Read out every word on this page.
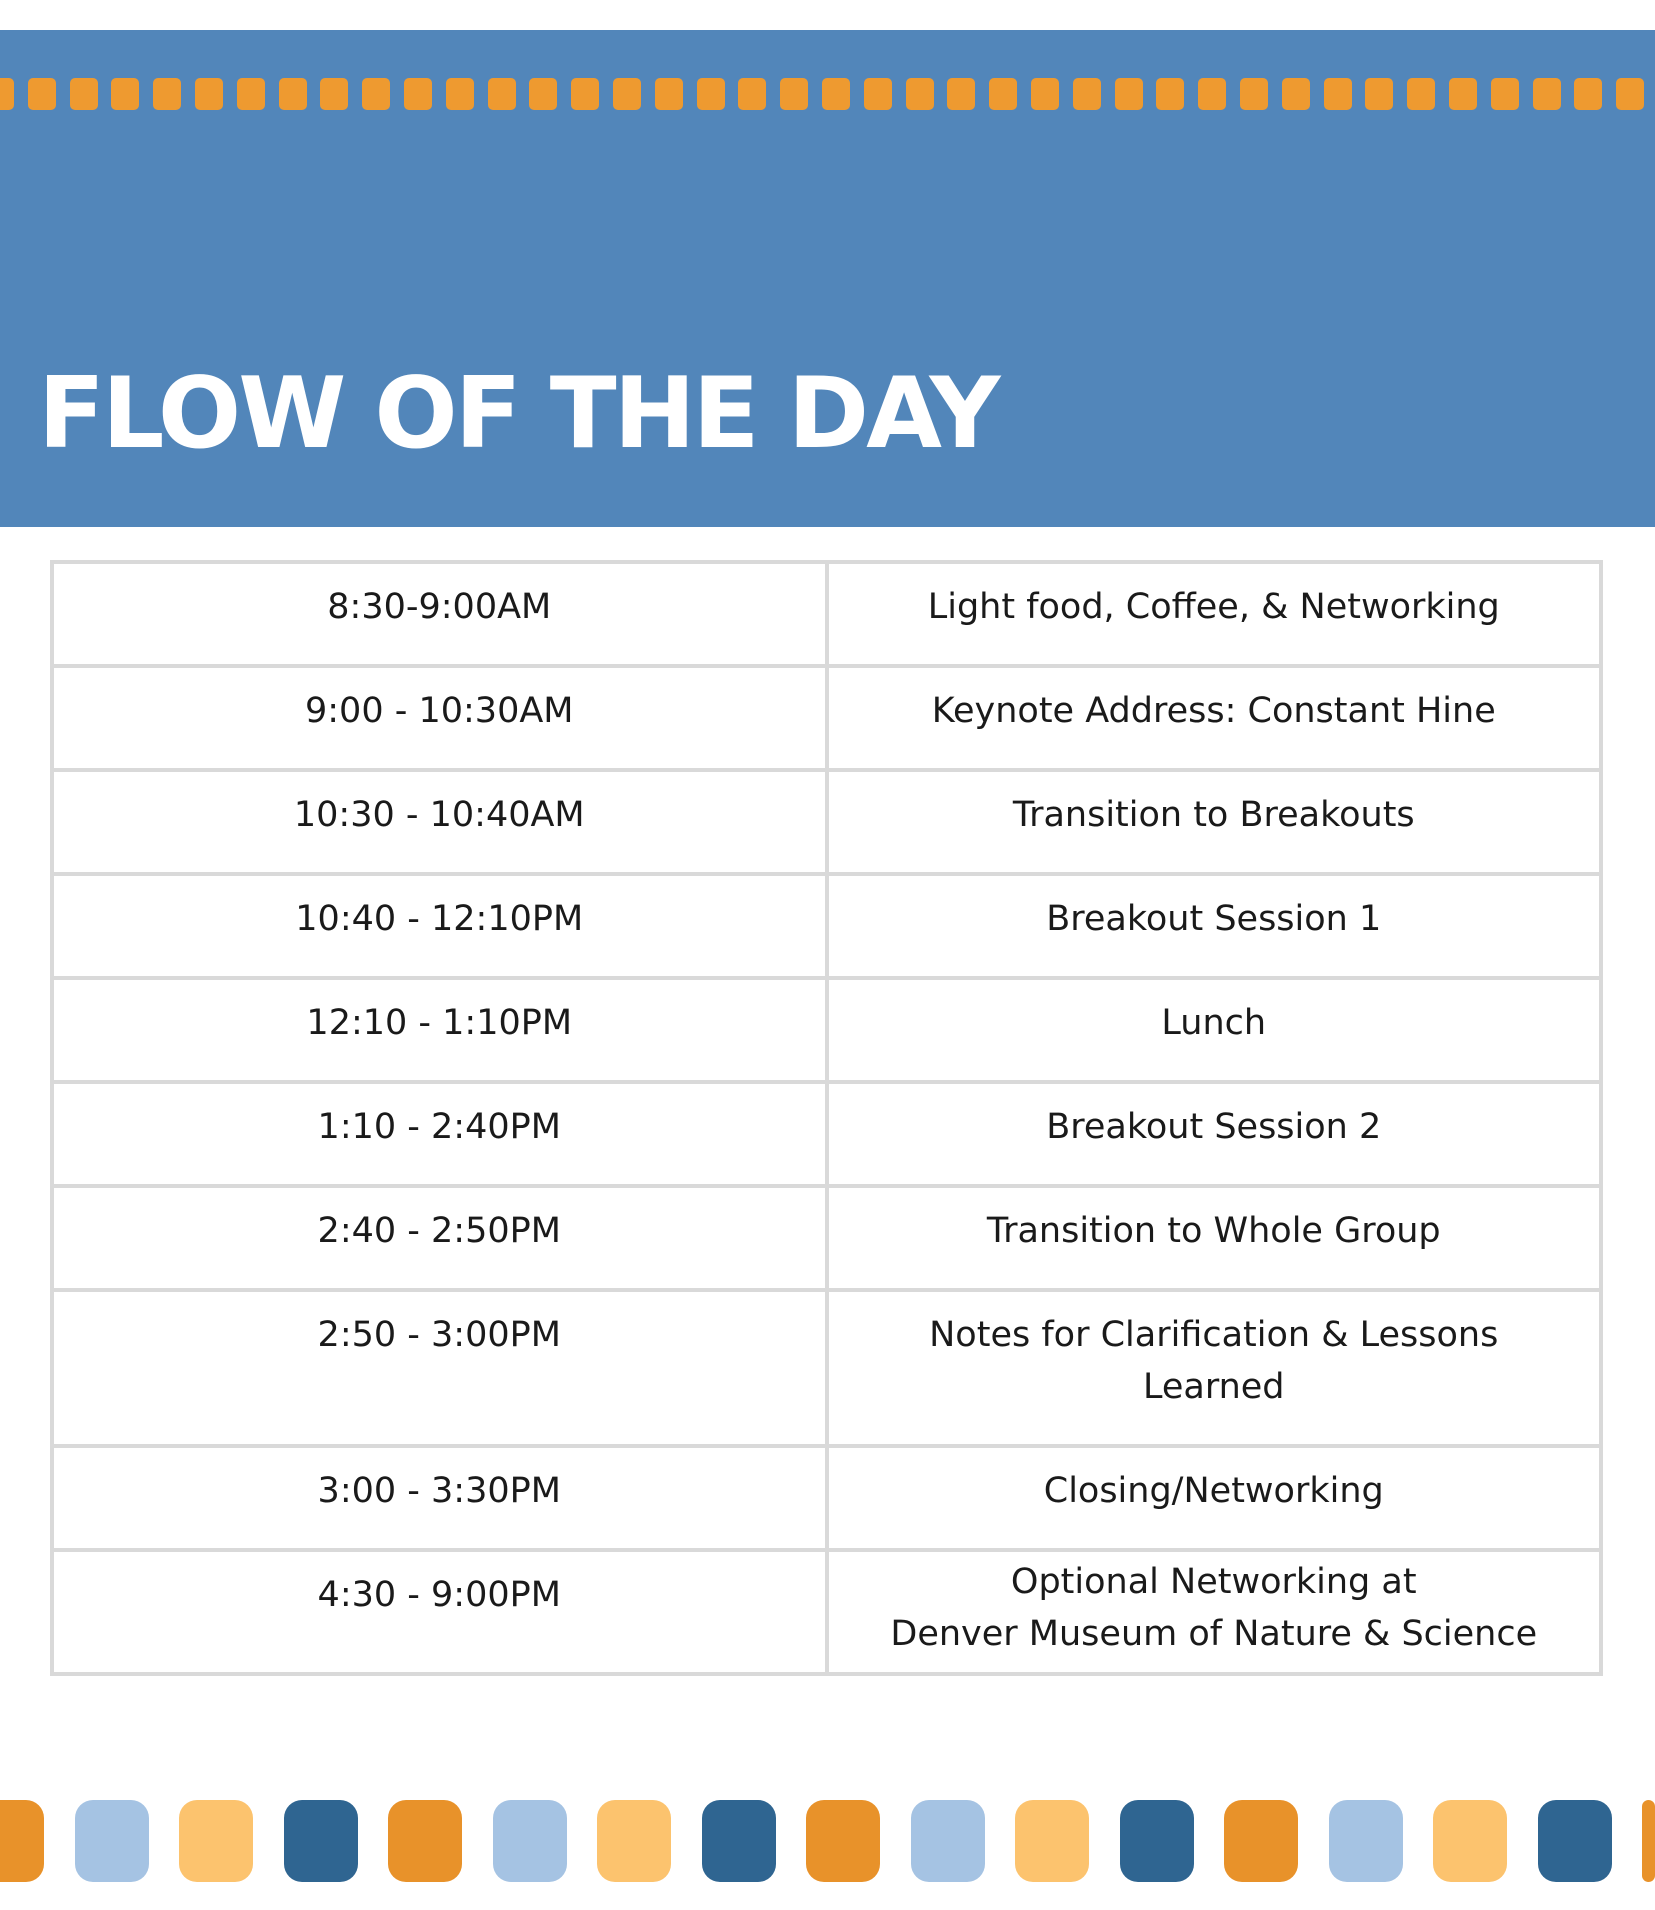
FLOW OF THE DAY
8:30-9:00AM	Light food, Coffee, & Networking

9:00 - 10:30AM	Keynote Address: Constant Hine

10:30 - 10:40AM	Transition to Breakouts

10:40 - 12:10PM	Breakout Session 1

12:10 - 1:10PM	Lunch

1:10 - 2:40PM	Breakout Session 2

2:40 - 2:50PM	Transition to Whole Group

2:50 - 3:00PM	Notes for Clarification & Lessons
Learned

3:00 - 3:30PM	Closing/Networking

4:30 - 9:00PM	Optional Networking at
Denver Museum of Nature & Science
